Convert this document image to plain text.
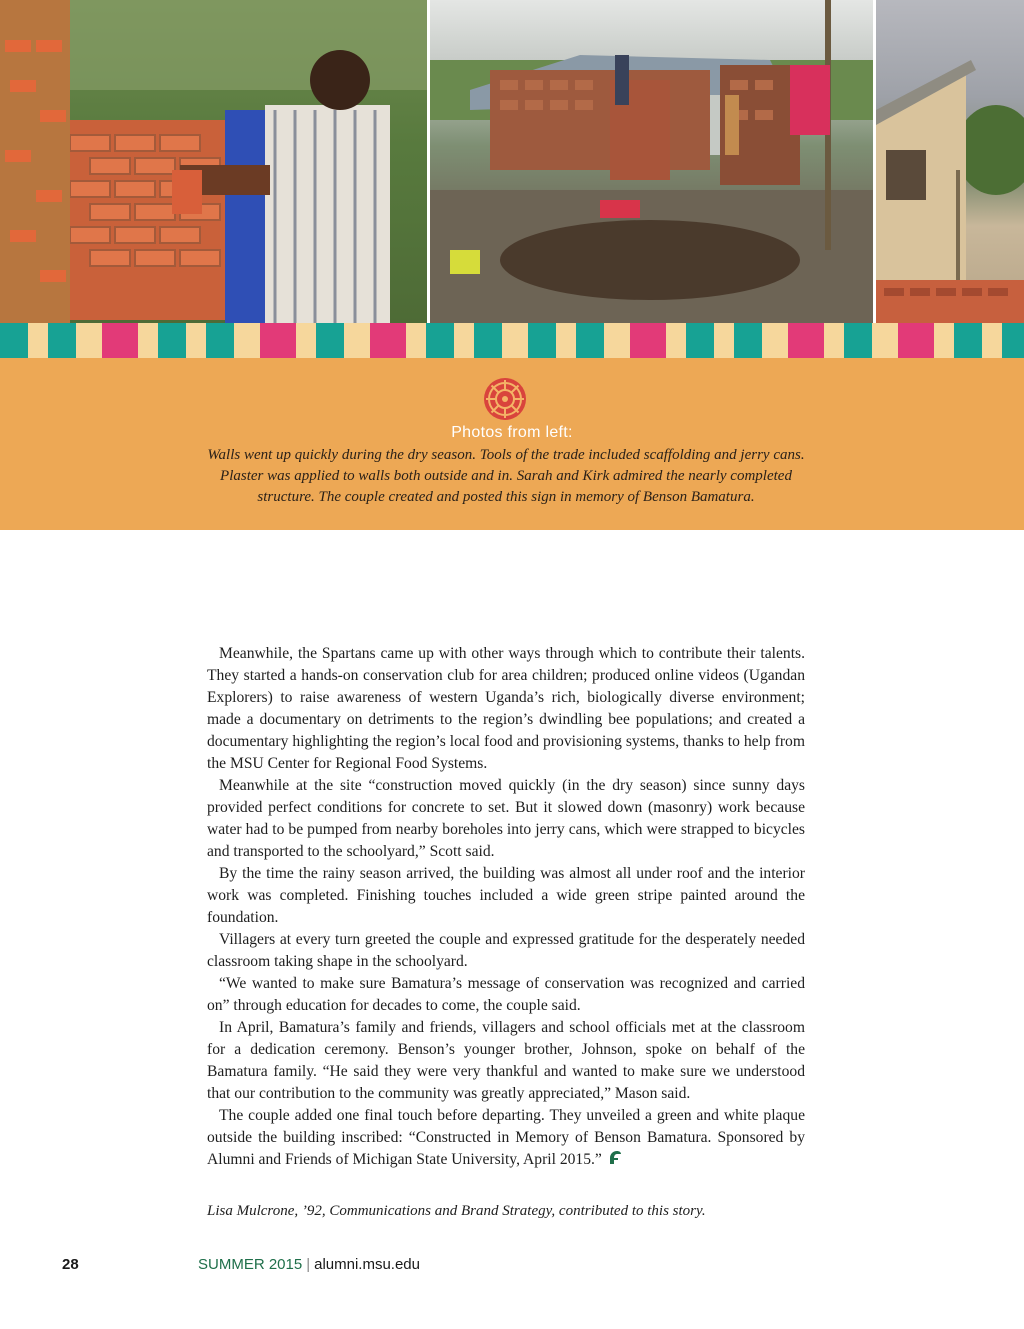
Photos from left:
Walls went up quickly during the dry season. Tools of the trade included scaffolding and jerry cans. Plaster was applied to walls both outside and in. Sarah and Kirk admired the nearly completed structure. The couple created and posted this sign in memory of Benson Bamatura.

Meanwhile, the Spartans came up with other ways through which to contribute their talents. They started a hands-on conservation club for area children; produced online videos (Ugandan Explorers) to raise awareness of western Uganda’s rich, biologically diverse environment; made a documentary on detriments to the region’s dwindling bee populations; and created a documentary highlighting the region’s local food and provisioning systems, thanks to help from the MSU Center for Regional Food Systems.

Meanwhile at the site “construction moved quickly (in the dry season) since sunny days provided perfect conditions for concrete to set. But it slowed down (masonry) work because water had to be pumped from nearby boreholes into jerry cans, which were strapped to bicycles and transported to the schoolyard,” Scott said.

By the time the rainy season arrived, the building was almost all under roof and the interior work was completed. Finishing touches included a wide green stripe painted around the foundation.

Villagers at every turn greeted the couple and expressed gratitude for the desperately needed classroom taking shape in the schoolyard.

“We wanted to make sure Bamatura’s message of conservation was recognized and carried on” through education for decades to come, the couple said.

In April, Bamatura’s family and friends, villagers and school officials met at the classroom for a dedication ceremony. Benson’s younger brother, Johnson, spoke on behalf of the Bamatura family. “He said they were very thankful and wanted to make sure we understood that our contribution to the community was greatly appreciated,” Mason said.

The couple added one final touch before departing. They unveiled a green and white plaque outside the building inscribed: “Constructed in Memory of Benson Bamatura. Sponsored by Alumni and Friends of Michigan State University, April 2015.”

Lisa Mulcrone, ’92, Communications and Brand Strategy, contributed to this story.
28	SUMMER 2015 | alumni.msu.edu
